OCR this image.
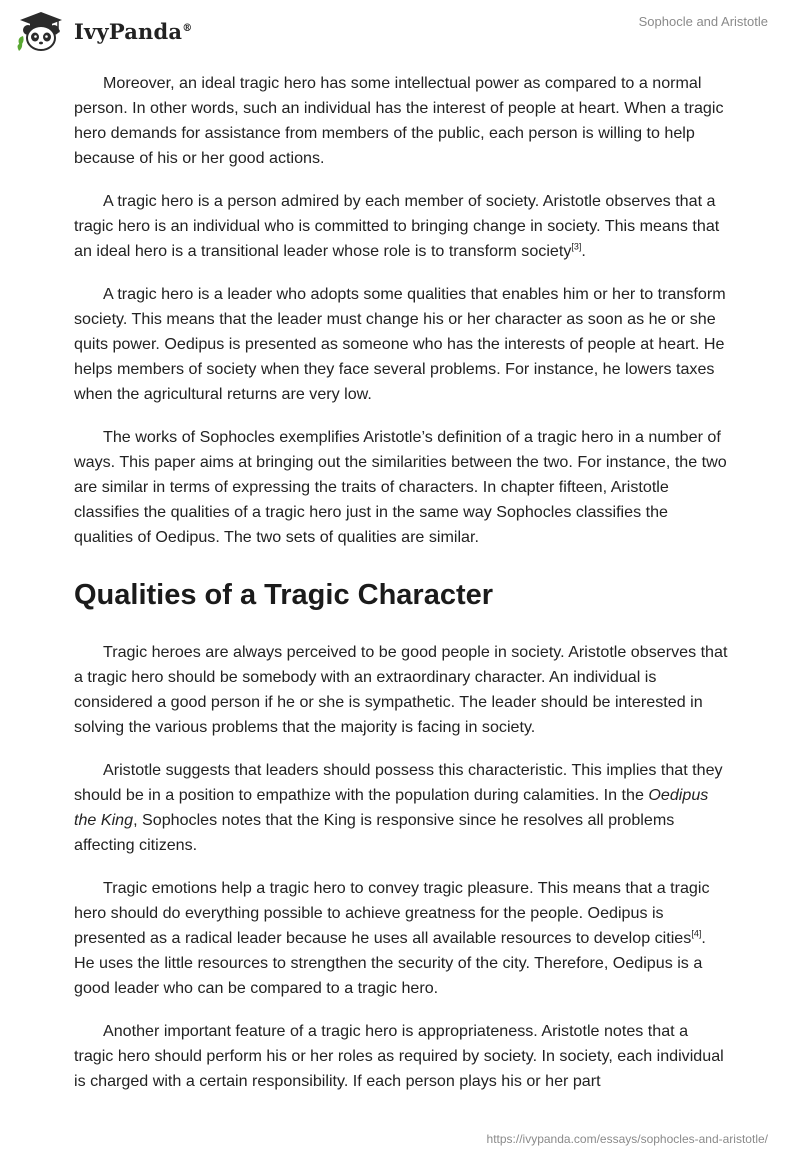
IvyPanda®	Sophocle and Aristotle

Moreover, an ideal tragic hero has some intellectual power as compared to a normal person. In other words, such an individual has the interest of people at heart. When a tragic hero demands for assistance from members of the public, each person is willing to help because of his or her good actions.

A tragic hero is a person admired by each member of society. Aristotle observes that a tragic hero is an individual who is committed to bringing change in society. This means that an ideal hero is a transitional leader whose role is to transform society[3].

A tragic hero is a leader who adopts some qualities that enables him or her to transform society. This means that the leader must change his or her character as soon as he or she quits power. Oedipus is presented as someone who has the interests of people at heart. He helps members of society when they face several problems. For instance, he lowers taxes when the agricultural returns are very low.

The works of Sophocles exemplifies Aristotle’s definition of a tragic hero in a number of ways. This paper aims at bringing out the similarities between the two. For instance, the two are similar in terms of expressing the traits of characters. In chapter fifteen, Aristotle classifies the qualities of a tragic hero just in the same way Sophocles classifies the qualities of Oedipus. The two sets of qualities are similar.

Qualities of a Tragic Character

Tragic heroes are always perceived to be good people in society. Aristotle observes that a tragic hero should be somebody with an extraordinary character. An individual is considered a good person if he or she is sympathetic. The leader should be interested in solving the various problems that the majority is facing in society.

Aristotle suggests that leaders should possess this characteristic. This implies that they should be in a position to empathize with the population during calamities. In the Oedipus the King, Sophocles notes that the King is responsive since he resolves all problems affecting citizens.

Tragic emotions help a tragic hero to convey tragic pleasure. This means that a tragic hero should do everything possible to achieve greatness for the people. Oedipus is presented as a radical leader because he uses all available resources to develop cities[4]. He uses the little resources to strengthen the security of the city. Therefore, Oedipus is a good leader who can be compared to a tragic hero.

Another important feature of a tragic hero is appropriateness. Aristotle notes that a tragic hero should perform his or her roles as required by society. In society, each individual is charged with a certain responsibility. If each person plays his or her part

https://ivypanda.com/essays/sophocles-and-aristotle/
